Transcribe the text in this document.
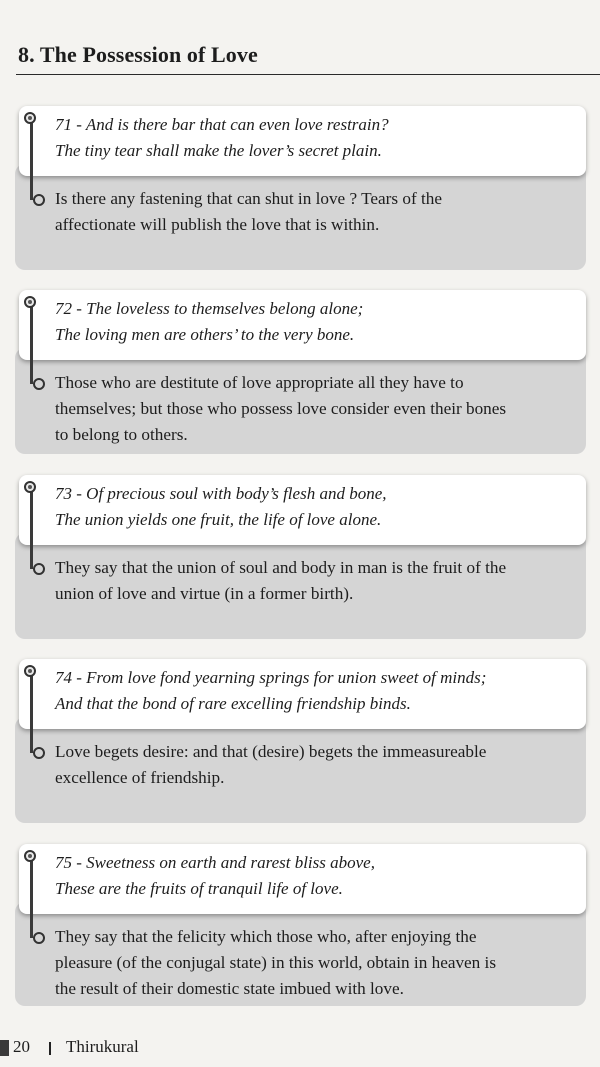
8. The Possession of Love
71 - And is there bar that can even love restrain?
The tiny tear shall make the lover’s secret plain.
Is there any fastening that can shut in love ? Tears of the
affectionate will publish the love that is within.
72 - The loveless to themselves belong alone;
The loving men are others’ to the very bone.
Those who are destitute of love appropriate all they have to
themselves; but those who possess love consider even their bones
to belong to others.
73 - Of precious soul with body’s flesh and bone,
The union yields one fruit, the life of love alone.
They say that the union of soul and body in man is the fruit of the
union of love and virtue (in a former birth).
74 - From love fond yearning springs for union sweet of minds;
And that the bond of rare excelling friendship binds.
Love begets desire: and that (desire) begets the immeasureable
excellence of friendship.
75 - Sweetness on earth and rarest bliss above,
These are the fruits of tranquil life of love.
They say that the felicity which those who, after enjoying the
pleasure (of the conjugal state) in this world, obtain in heaven is
the result of their domestic state imbued with love.
20 Thirukural
